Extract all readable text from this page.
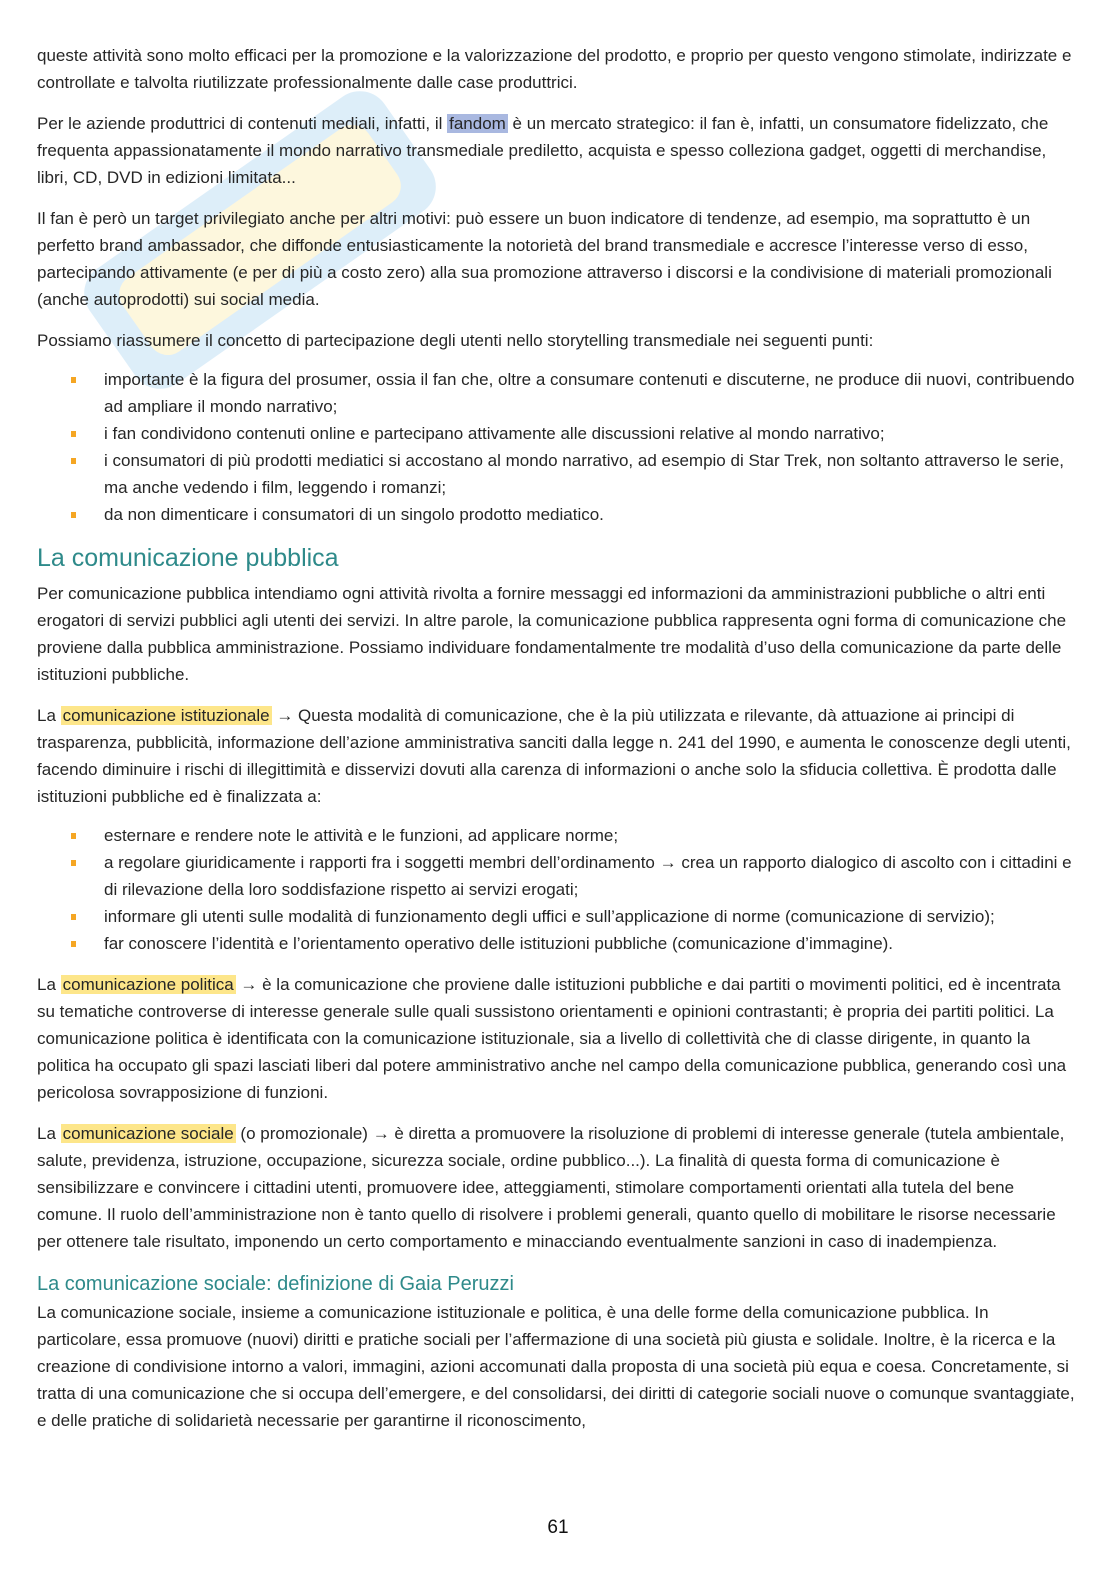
queste attività sono molto efficaci per la promozione e la valorizzazione del prodotto, e proprio per questo vengono stimolate, indirizzate e controllate e talvolta riutilizzate professionalmente dalle case produttrici.

Per le aziende produttrici di contenuti mediali, infatti, il fandom è un mercato strategico: il fan è, infatti, un consumatore fidelizzato, che frequenta appassionatamente il mondo narrativo transmediale prediletto, acquista e spesso colleziona gadget, oggetti di merchandise, libri, CD, DVD in edizioni limitata...

Il fan è però un target privilegiato anche per altri motivi: può essere un buon indicatore di tendenze, ad esempio, ma soprattutto è un perfetto brand ambassador, che diffonde entusiasticamente la notorietà del brand transmediale e accresce l’interesse verso di esso, partecipando attivamente (e per di più a costo zero) alla sua promozione attraverso i discorsi e la condivisione di materiali promozionali (anche autoprodotti) sui social media.

Possiamo riassumere il concetto di partecipazione degli utenti nello storytelling transmediale nei seguenti punti:

importante è la figura del prosumer, ossia il fan che, oltre a consumare contenuti e discuterne, ne produce dii nuovi, contribuendo ad ampliare il mondo narrativo;
i fan condividono contenuti online e partecipano attivamente alle discussioni relative al mondo narrativo;
i consumatori di più prodotti mediatici si accostano al mondo narrativo, ad esempio di Star Trek, non soltanto attraverso le serie, ma anche vedendo i film, leggendo i romanzi;
da non dimenticare i consumatori di un singolo prodotto mediatico.
La comunicazione pubblica

Per comunicazione pubblica intendiamo ogni attività rivolta a fornire messaggi ed informazioni da amministrazioni pubbliche o altri enti erogatori di servizi pubblici agli utenti dei servizi. In altre parole, la comunicazione pubblica rappresenta ogni forma di comunicazione che proviene dalla pubblica amministrazione. Possiamo individuare fondamentalmente tre modalità d’uso della comunicazione da parte delle istituzioni pubbliche.

La comunicazione istituzionale → Questa modalità di comunicazione, che è la più utilizzata e rilevante, dà attuazione ai principi di trasparenza, pubblicità, informazione dell’azione amministrativa sanciti dalla legge n. 241 del 1990, e aumenta le conoscenze degli utenti, facendo diminuire i rischi di illegittimità e disservizi dovuti alla carenza di informazioni o anche solo la sfiducia collettiva. È prodotta dalle istituzioni pubbliche ed è finalizzata a:

esternare e rendere note le attività e le funzioni, ad applicare norme;
a regolare giuridicamente i rapporti fra i soggetti membri dell’ordinamento → crea un rapporto dialogico di ascolto con i cittadini e di rilevazione della loro soddisfazione rispetto ai servizi erogati;
informare gli utenti sulle modalità di funzionamento degli uffici e sull’applicazione di norme (comunicazione di servizio);
far conoscere l’identità e l’orientamento operativo delle istituzioni pubbliche (comunicazione d’immagine).

La comunicazione politica → è la comunicazione che proviene dalle istituzioni pubbliche e dai partiti o movimenti politici, ed è incentrata su tematiche controverse di interesse generale sulle quali sussistono orientamenti e opinioni contrastanti; è propria dei partiti politici. La comunicazione politica è identificata con la comunicazione istituzionale, sia a livello di collettività che di classe dirigente, in quanto la politica ha occupato gli spazi lasciati liberi dal potere amministrativo anche nel campo della comunicazione pubblica, generando così una pericolosa sovrapposizione di funzioni.

La comunicazione sociale (o promozionale) → è diretta a promuovere la risoluzione di problemi di interesse generale (tutela ambientale, salute, previdenza, istruzione, occupazione, sicurezza sociale, ordine pubblico...). La finalità di questa forma di comunicazione è sensibilizzare e convincere i cittadini utenti, promuovere idee, atteggiamenti, stimolare comportamenti orientati alla tutela del bene comune. Il ruolo dell’amministrazione non è tanto quello di risolvere i problemi generali, quanto quello di mobilitare le risorse necessarie per ottenere tale risultato, imponendo un certo comportamento e minacciando eventualmente sanzioni in caso di inadempienza.

La comunicazione sociale: definizione di Gaia Peruzzi

La comunicazione sociale, insieme a comunicazione istituzionale e politica, è una delle forme della comunicazione pubblica. In particolare, essa promuove (nuovi) diritti e pratiche sociali per l’affermazione di una società più giusta e solidale. Inoltre, è la ricerca e la creazione di condivisione intorno a valori, immagini, azioni accomunati dalla proposta di una società più equa e coesa. Concretamente, si tratta di una comunicazione che si occupa dell’emergere, e del consolidarsi, dei diritti di categorie sociali nuove o comunque svantaggiate, e delle pratiche di solidarietà necessarie per garantirne il riconoscimento,

61
